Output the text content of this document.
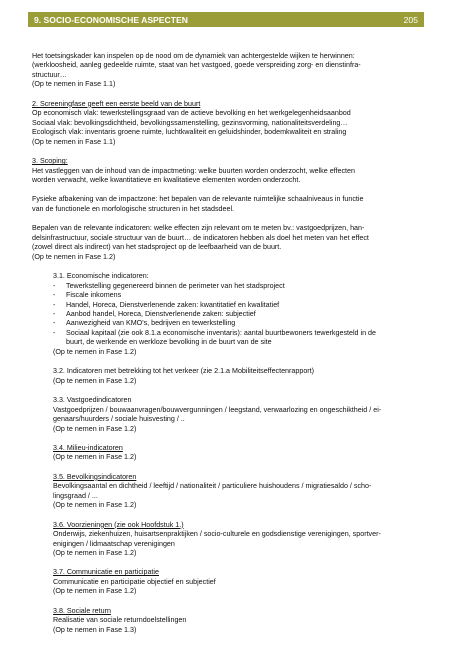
9. SOCIO-ECONOMISCHE ASPECTEN	205
Het toetsingskader kan inspelen op de nood om de dynamiek van achtergestelde wijken te herwinnen:
(werkloosheid, aanleg gedeelde ruimte, staat van het vastgoed, goede verspreiding zorg- en dienstinfra-
structuur…
(Op te nemen in Fase 1.1)
2. Screeningfase geeft een eerste beeld van de buurt
Op economisch vlak: tewerkstellingsgraad van de actieve bevolking en het werkgelegenheidsaanbod
Sociaal vlak: bevolkingsdichtheid, bevolkingssamenstelling, gezinsvorming, nationaliteitsverdeling…
Ecologisch vlak: inventaris groene ruimte, luchtkwaliteit en geluidshinder, bodemkwaliteit en straling
(Op te nemen in Fase 1.1)
3. Scoping:
Het vastleggen van de inhoud van de impactmeting: welke buurten worden onderzocht, welke effecten
worden verwacht, welke kwantitatieve en kwalitatieve elementen worden onderzocht.
Fysieke afbakening van de impactzone: het bepalen van de relevante ruimtelijke schaalniveaus in functie
van de functionele en morfologische structuren in het stadsdeel.
Bepalen van de relevante indicatoren: welke effecten zijn relevant om te meten bv.: vastgoedprijzen, han-
delsinfrastructuur, sociale structuur van de buurt… de indicatoren hebben als doel het meten van het effect
(zowel direct als indirect) van het stadsproject op de leefbaarheid van de buurt.
(Op te nemen in Fase 1.2)
3.1. Economische indicatoren:
-	Tewerkstelling gegenereerd binnen de perimeter van het stadsproject
-	Fiscale inkomens
-	Handel, Horeca, Dienstverlenende zaken: kwantitatief en kwalitatief
-	Aanbod handel, Horeca, Dienstverlenende zaken: subjectief
-	Aanwezigheid van KMO's, bedrijven en tewerkstelling
-	Sociaal kapitaal (zie ook 8.1.a economische inventaris): aantal buurtbewoners tewerkgesteld in de
buurt, de werkende en werkloze bevolking in de buurt van de site
(Op te nemen in Fase 1.2)
3.2. Indicatoren met betrekking tot het verkeer (zie 2.1.a Mobiliteitseffectenrapport)
(Op te nemen in Fase 1.2)
3.3. Vastgoedindicatoren
Vastgoedprijzen / bouwaanvragen/bouwvergunningen / leegstand, verwaarlozing en ongeschiktheid / ei-
genaars/huurders / sociale huisvesting / ..
(Op te nemen in Fase 1.2)
3.4. Milieu-indicatoren
(Op te nemen in Fase 1.2)
3.5. Bevolkingsindicatoren
Bevolkingsaantal en dichtheid / leeftijd / nationaliteit / particuliere huishoudens / migratiesaldo / scho-
lingsgraad / ...
(Op te nemen in Fase 1.2)
3.6. Voorzieningen (zie ook Hoofdstuk 1.)
Onderwijs, ziekenhuizen, huisartsenpraktijken / socio-culturele en godsdienstige verenigingen, sportver-
enigingen / lidmaatschap verenigingen
(Op te nemen in Fase 1.2)
3.7. Communicatie en participatie
Communicatie en participatie objectief en subjectief
(Op te nemen in Fase 1.2)
3.8. Sociale return
Realisatie van sociale returndoelstellingen
(Op te nemen in Fase 1.3)
